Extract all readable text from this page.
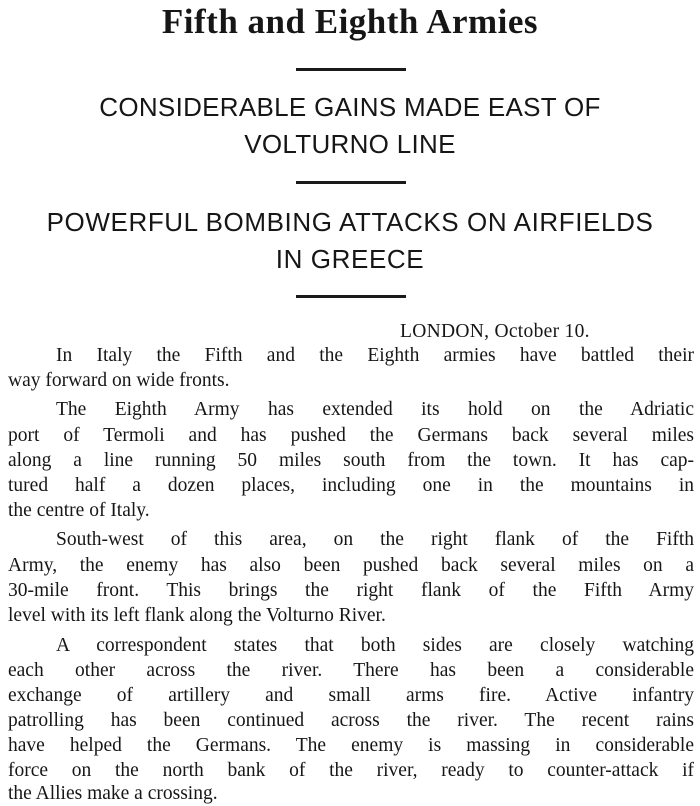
Fifth and Eighth Armies
CONSIDERABLE GAINS MADE EAST OF
VOLTURNO LINE
POWERFUL BOMBING ATTACKS ON AIRFIELDS
IN GREECE
LONDON, October 10.

In Italy the Fifth and the Eighth armies have battled their

way forward on wide fronts.

The Eighth Army has extended its hold on the Adriatic

port of Termoli and has pushed the Germans back several miles

along a line running 50 miles south from the town. It has cap-

tured half a dozen places, including one in the mountains in

the centre of Italy.

South-west of this area, on the right flank of the Fifth

Army, the enemy has also been pushed back several miles on a

30-mile front. This brings the right flank of the Fifth Army

level with its left flank along the Volturno River.

A correspondent states that both sides are closely watching

each other across the river. There has been a considerable

exchange of artillery and small arms fire. Active infantry

patrolling has been continued across the river. The recent rains

have helped the Germans. The enemy is massing in considerable

force on the north bank of the river, ready to counter-attack if

the Allies make a crossing.
